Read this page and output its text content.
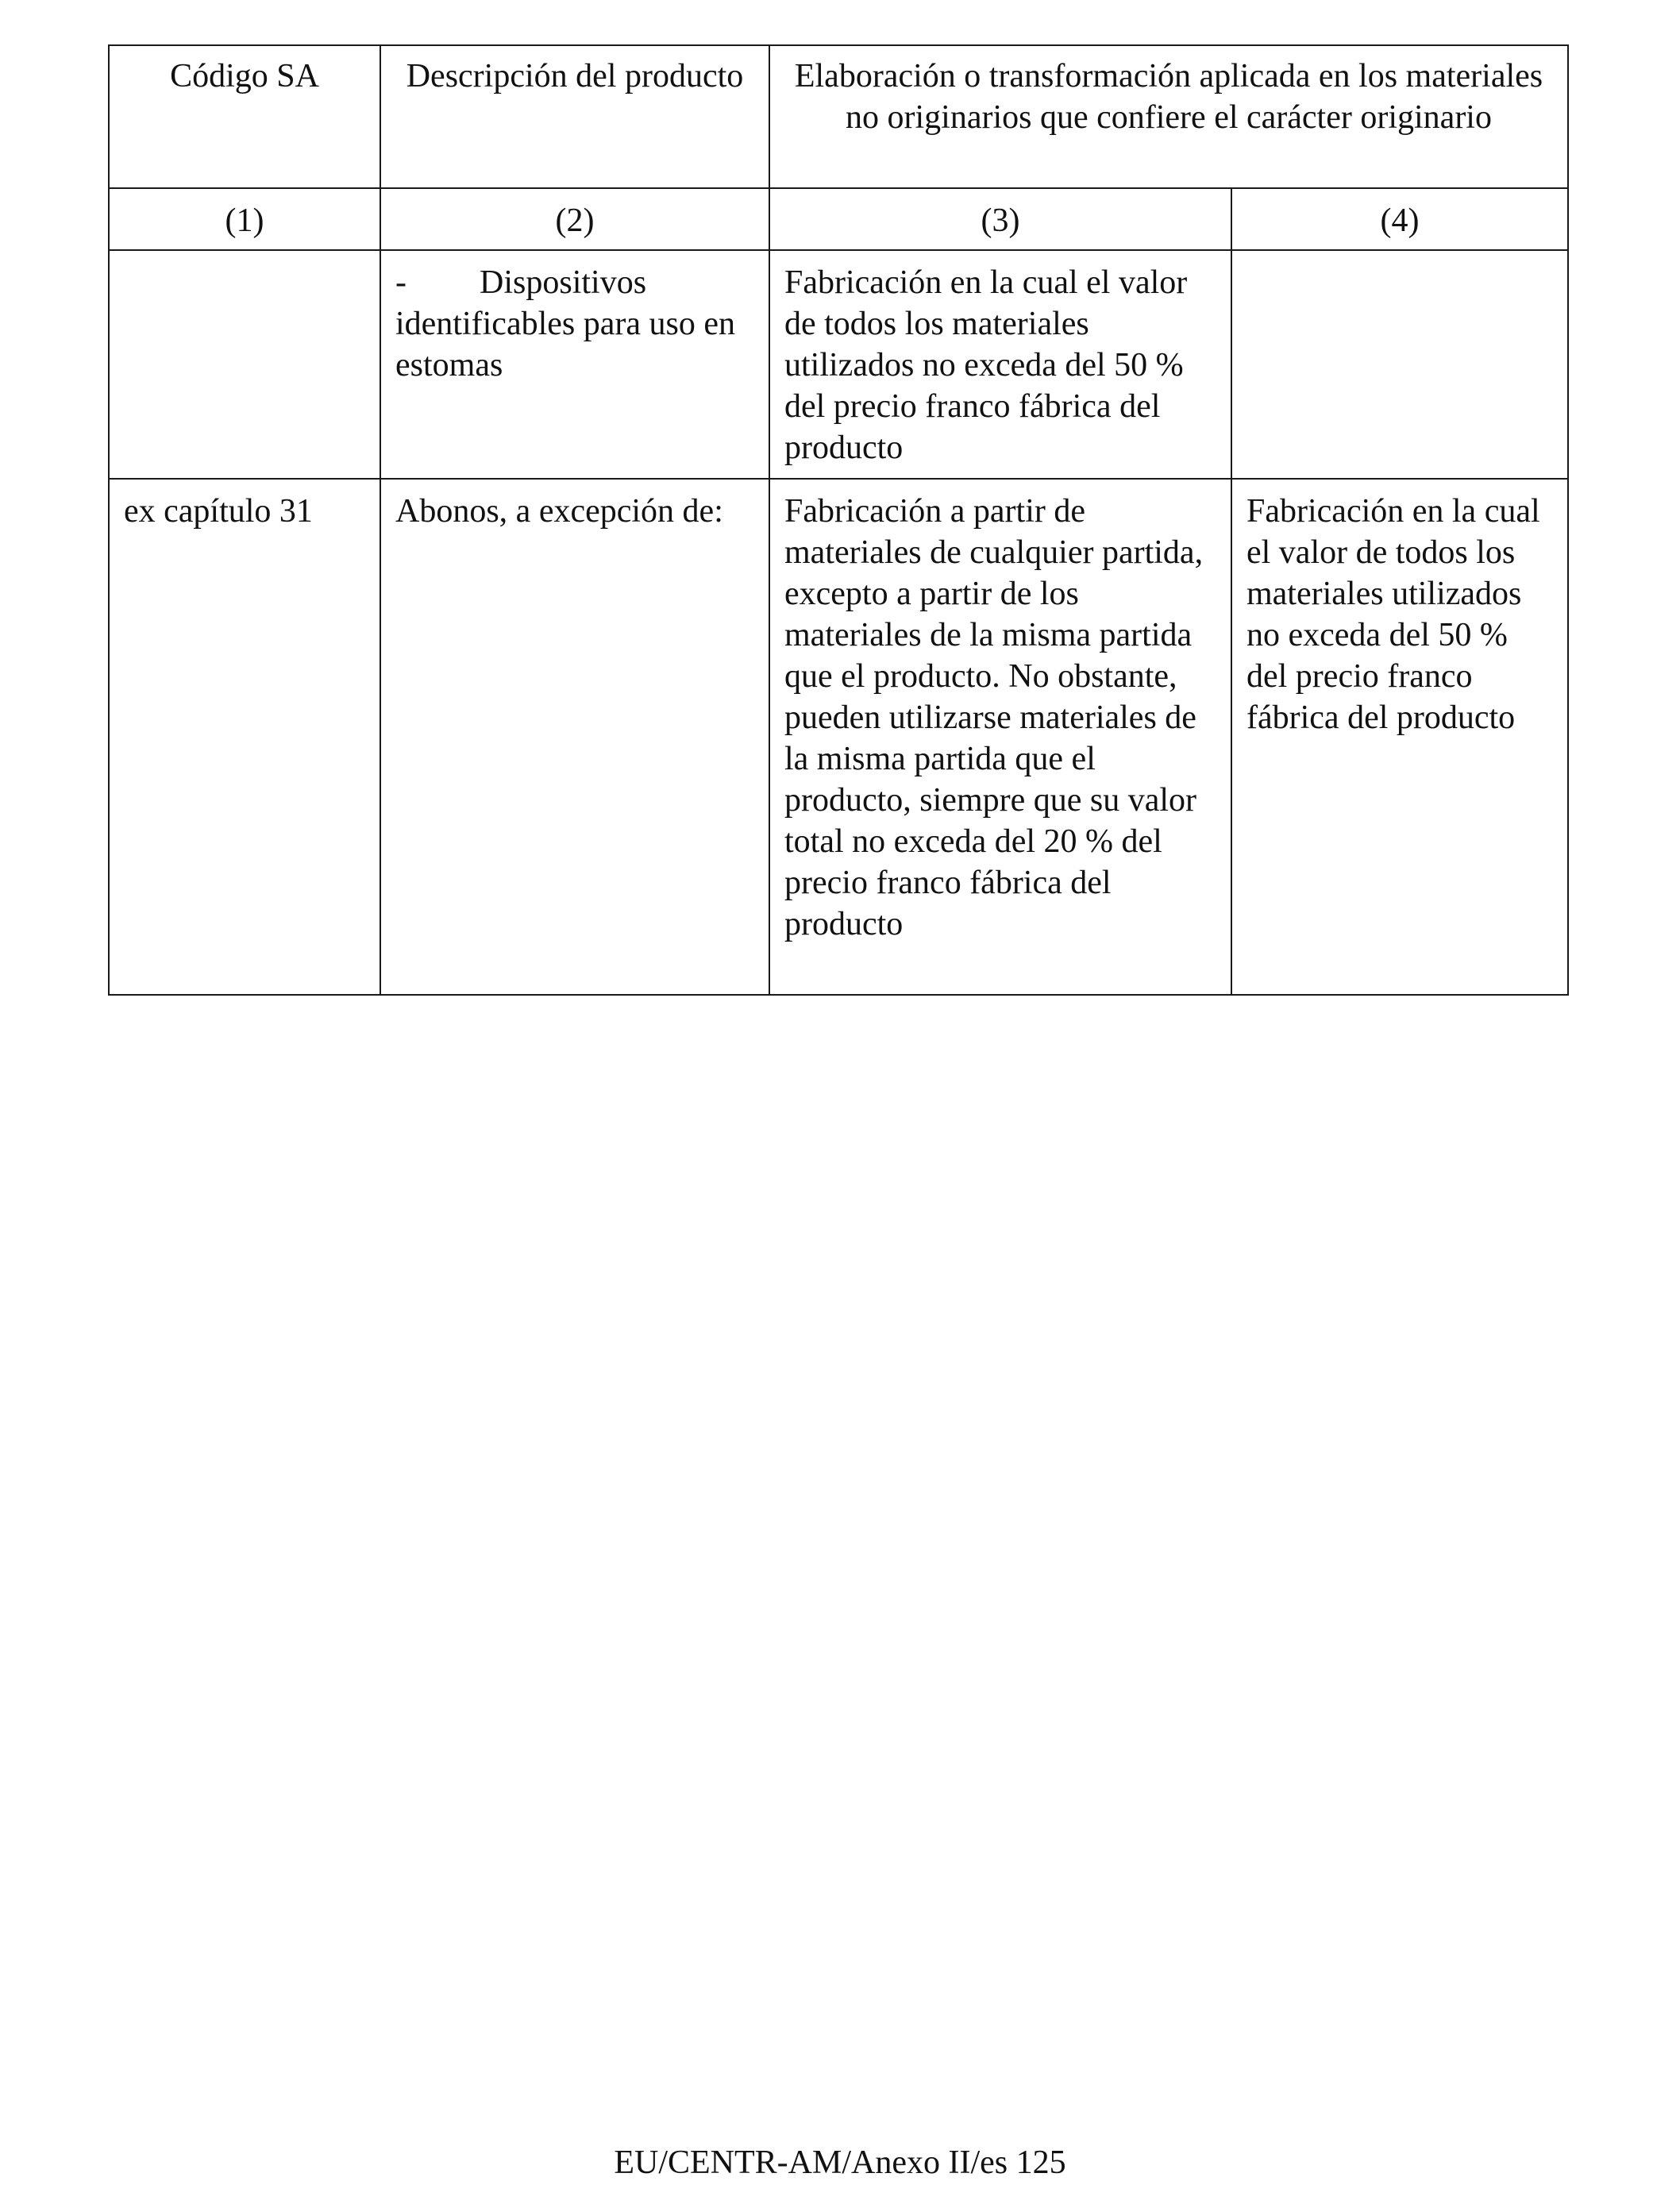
Código SA	Descripción del producto	Elaboración o transformación aplicada en los materiales no originarios que confiere el carácter originario	
(1)	(2)	(3)	(4)
	- Dispositivos identificables para uso en estomas	Fabricación en la cual el valor de todos los materiales utilizados no exceda del 50 % del precio franco fábrica del producto	
ex capítulo 31	Abonos, a excepción de:	Fabricación a partir de materiales de cualquier partida, excepto a partir de los materiales de la misma partida que el producto. No obstante, pueden utilizarse materiales de la misma partida que el producto, siempre que su valor total no exceda del 20 % del precio franco fábrica del producto	Fabricación en la cual el valor de todos los materiales utilizados no exceda del 50 % del precio franco fábrica del producto
EU/CENTR-AM/Anexo II/es 125
